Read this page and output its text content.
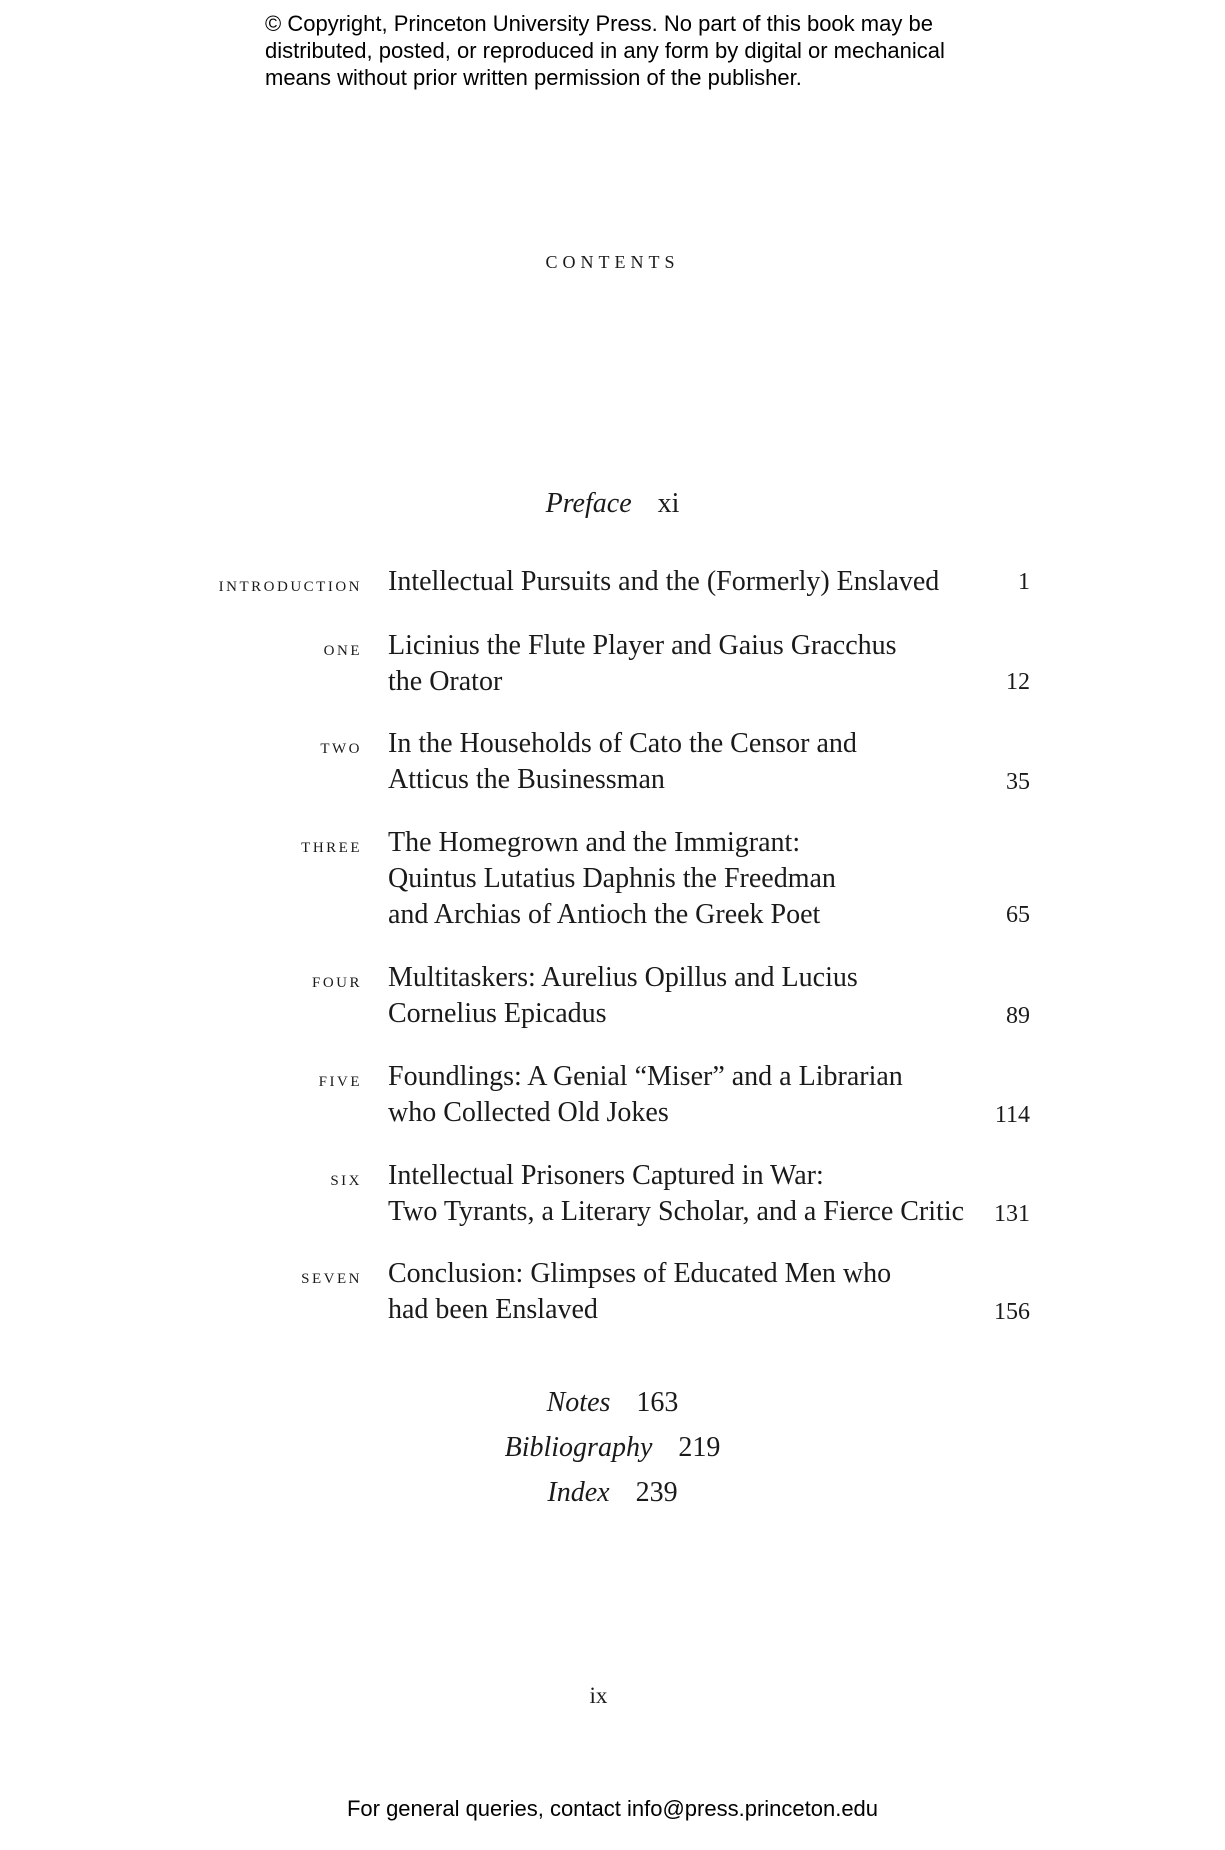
© Copyright, Princeton University Press. No part of this book may be
distributed, posted, or reproduced in any form by digital or mechanical
means without prior written permission of the publisher.
contents
Preface xi
introduction Intellectual Pursuits and the (Formerly) Enslaved	1
one Licinius the Flute Player and Gaius Gracchus
the Orator	12
two In the Households of Cato the Censor and
Atticus the Businessman	35
three The Homegrown and the Immigrant:
Quintus Lutatius Daphnis the Freedman
and Archias of Antioch the Greek Poet	65
four Multitaskers: Aurelius Opillus and Lucius
Cornelius Epicadus	89
five Foundlings: A Genial “Miser” and a Librarian
who Collected Old Jokes	114
six Intellectual Prisoners Captured in War:
Two Tyrants, a Literary Scholar, and a Fierce Critic 131
seven Conclusion: Glimpses of Educated Men who
had been Enslaved	156
Notes 163
Bibliography 219
Index 239
ix
For general queries, contact info@press.princeton.edu
